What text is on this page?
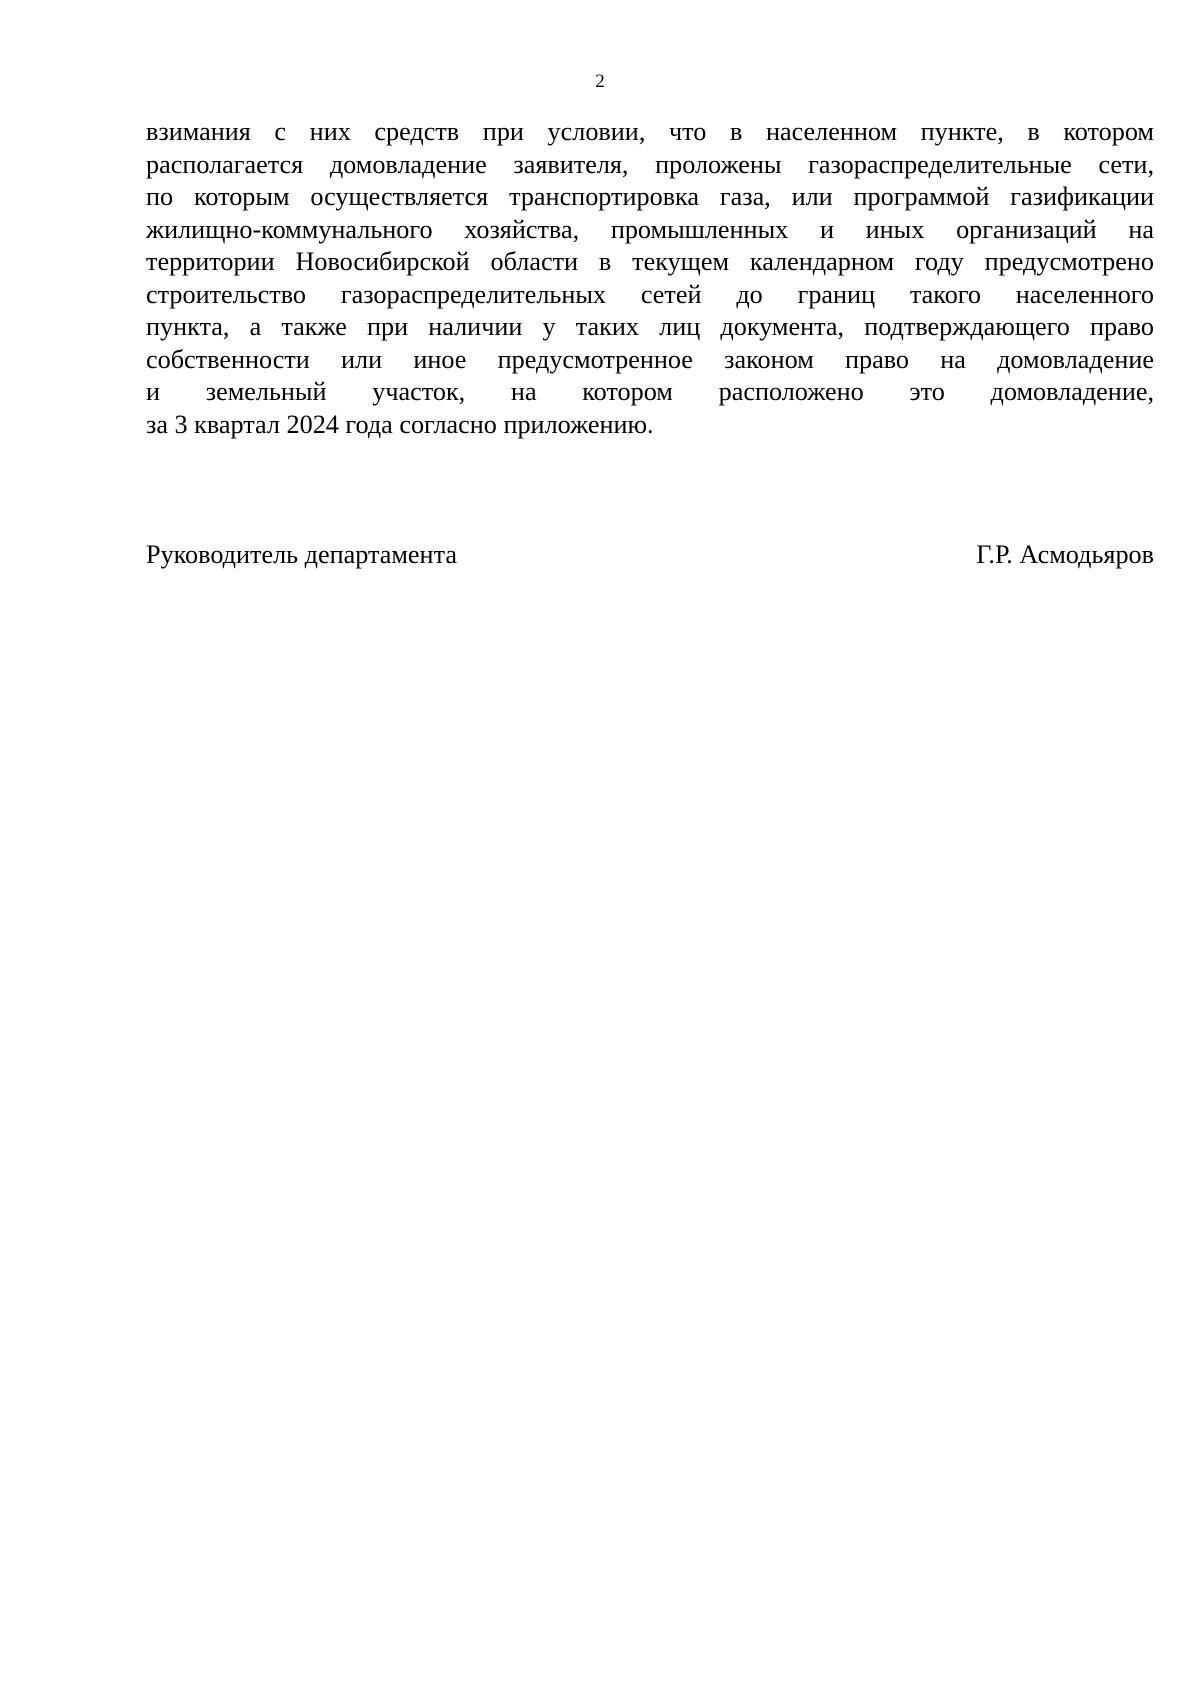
2
взимания с них средств при условии, что в населенном пункте, в котором
располагается домовладение заявителя, проложены газораспределительные сети,
по которым осуществляется транспортировка газа, или программой газификации
жилищно-коммунального хозяйства, промышленных и иных организаций на
территории Новосибирской области в текущем календарном году предусмотрено
строительство газораспределительных сетей до границ такого населенного
пункта, а также при наличии у таких лиц документа, подтверждающего право
собственности или иное предусмотренное законом право на домовладение
и земельный участок, на котором расположено это домовладение,
за 3 квартал 2024 года согласно приложению.
Руководитель департамента	Г.Р. Асмодьяров
